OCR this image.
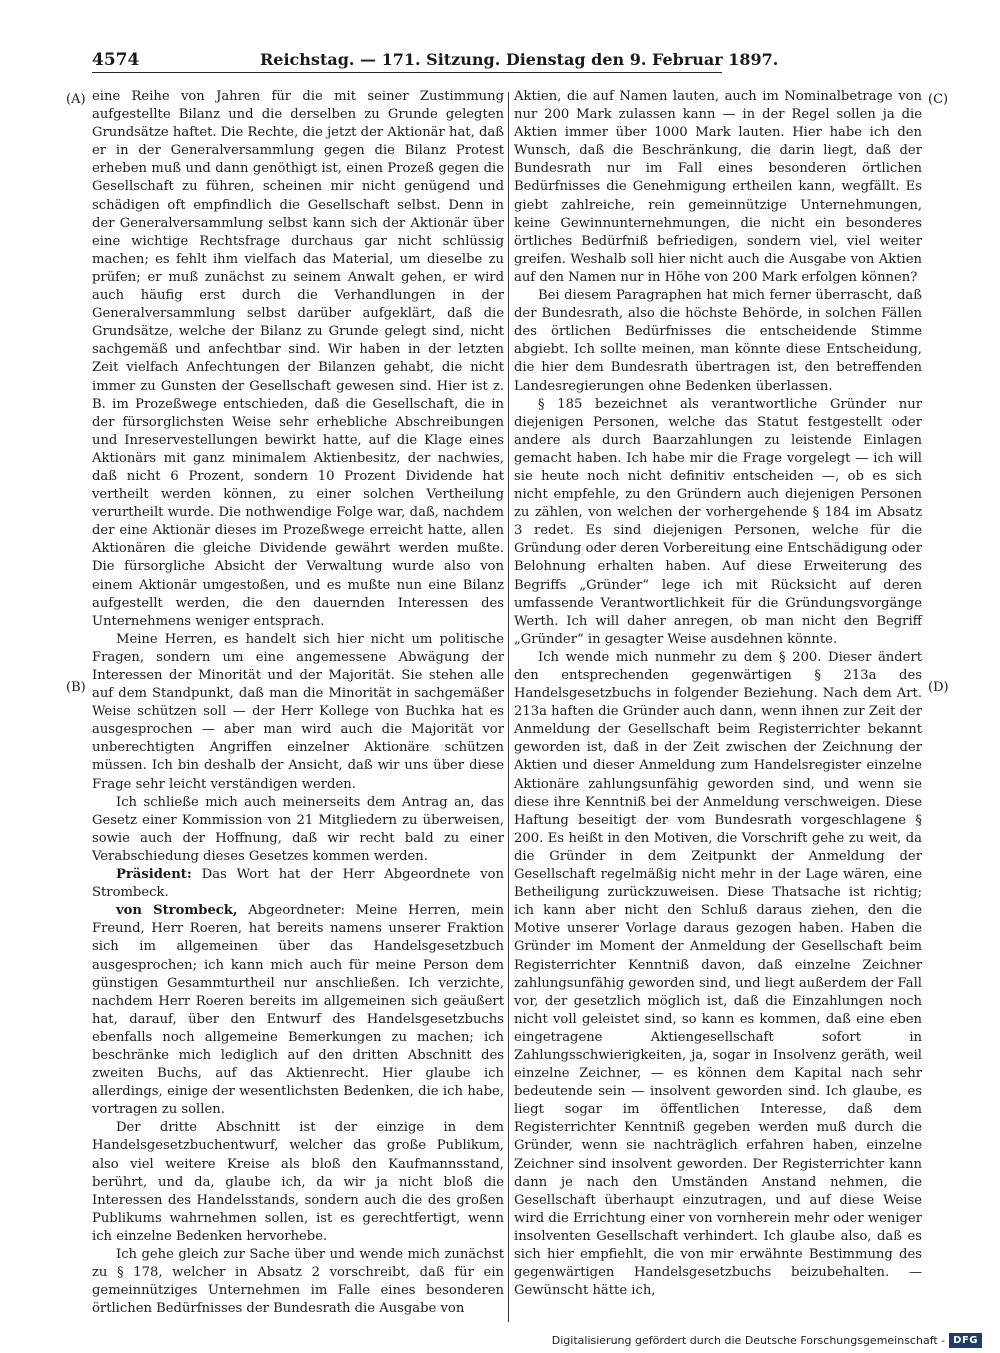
4574	Reichstag. — 171. Sitzung. Dienstag den 9. Februar 1897.
(A)
(B)
(C)
(D)

eine Reihe von Jahren für die mit seiner Zustimmung aufgestellte Bilanz und die derselben zu Grunde gelegten Grundsätze haftet. Die Rechte, die jetzt der Aktionär hat, daß er in der Generalversammlung gegen die Bilanz Protest erheben muß und dann genöthigt ist, einen Prozeß gegen die Gesellschaft zu führen, scheinen mir nicht genügend und schädigen oft empfindlich die Gesellschaft selbst. Denn in der Generalversammlung selbst kann sich der Aktionär über eine wichtige Rechtsfrage durchaus gar nicht schlüssig machen; es fehlt ihm vielfach das Material, um dieselbe zu prüfen; er muß zunächst zu seinem Anwalt gehen, er wird auch häufig erst durch die Verhandlungen in der Generalversammlung selbst darüber aufgeklärt, daß die Grundsätze, welche der Bilanz zu Grunde gelegt sind, nicht sachgemäß und anfechtbar sind. Wir haben in der letzten Zeit vielfach Anfechtungen der Bilanzen gehabt, die nicht immer zu Gunsten der Gesellschaft gewesen sind. Hier ist z. B. im Prozeßwege entschieden, daß die Gesellschaft, die in der fürsorglichsten Weise sehr erhebliche Abschreibungen und Inreservestellungen bewirkt hatte, auf die Klage eines Aktionärs mit ganz minimalem Aktienbesitz, der nachwies, daß nicht 6 Prozent, sondern 10 Prozent Dividende hat vertheilt werden können, zu einer solchen Vertheilung verurtheilt wurde. Die nothwendige Folge war, daß, nachdem der eine Aktionär dieses im Prozeßwege erreicht hatte, allen Aktionären die gleiche Dividende gewährt werden mußte. Die fürsorgliche Absicht der Verwaltung wurde also von einem Aktionär umgestoßen, und es mußte nun eine Bilanz aufgestellt werden, die den dauernden Interessen des Unternehmens weniger entsprach.

Meine Herren, es handelt sich hier nicht um politische Fragen, sondern um eine angemessene Abwägung der Interessen der Minorität und der Majorität. Sie stehen alle auf dem Standpunkt, daß man die Minorität in sachgemäßer Weise schützen soll — der Herr Kollege von Buchka hat es ausgesprochen — aber man wird auch die Majorität vor unberechtigten Angriffen einzelner Aktionäre schützen müssen. Ich bin deshalb der Ansicht, daß wir uns über diese Frage sehr leicht verständigen werden.

Ich schließe mich auch meinerseits dem Antrag an, das Gesetz einer Kommission von 21 Mitgliedern zu überweisen, sowie auch der Hoffnung, daß wir recht bald zu einer Verabschiedung dieses Gesetzes kommen werden.

Präsident: Das Wort hat der Herr Abgeordnete von Strombeck.

von Strombeck, Abgeordneter: Meine Herren, mein Freund, Herr Roeren, hat bereits namens unserer Fraktion sich im allgemeinen über das Handelsgesetzbuch ausgesprochen; ich kann mich auch für meine Person dem günstigen Gesammturtheil nur anschließen. Ich verzichte, nachdem Herr Roeren bereits im allgemeinen sich geäußert hat, darauf, über den Entwurf des Handelsgesetzbuchs ebenfalls noch allgemeine Bemerkungen zu machen; ich beschränke mich lediglich auf den dritten Abschnitt des zweiten Buchs, auf das Aktienrecht. Hier glaube ich allerdings, einige der wesentlichsten Bedenken, die ich habe, vortragen zu sollen.

Der dritte Abschnitt ist der einzige in dem Handelsgesetzbuchentwurf, welcher das große Publikum, also viel weitere Kreise als bloß den Kaufmannsstand, berührt, und da, glaube ich, da wir ja nicht bloß die Interessen des Handelsstands, sondern auch die des großen Publikums wahrnehmen sollen, ist es gerechtfertigt, wenn ich einzelne Bedenken hervorhebe.

Ich gehe gleich zur Sache über und wende mich zunächst zu § 178, welcher in Absatz 2 vorschreibt, daß für ein gemeinnütziges Unternehmen im Falle eines besonderen örtlichen Bedürfnisses der Bundesrath die Ausgabe von

Aktien, die auf Namen lauten, auch im Nominalbetrage von nur 200 Mark zulassen kann — in der Regel sollen ja die Aktien immer über 1000 Mark lauten. Hier habe ich den Wunsch, daß die Beschränkung, die darin liegt, daß der Bundesrath nur im Fall eines besonderen örtlichen Bedürfnisses die Genehmigung ertheilen kann, wegfällt. Es giebt zahlreiche, rein gemeinnützige Unternehmungen, keine Gewinnunternehmungen, die nicht ein besonderes örtliches Bedürfniß befriedigen, sondern viel, viel weiter greifen. Weshalb soll hier nicht auch die Ausgabe von Aktien auf den Namen nur in Höhe von 200 Mark erfolgen können?

Bei diesem Paragraphen hat mich ferner überrascht, daß der Bundesrath, also die höchste Behörde, in solchen Fällen des örtlichen Bedürfnisses die entscheidende Stimme abgiebt. Ich sollte meinen, man könnte diese Entscheidung, die hier dem Bundesrath übertragen ist, den betreffenden Landesregierungen ohne Bedenken überlassen.

§ 185 bezeichnet als verantwortliche Gründer nur diejenigen Personen, welche das Statut festgestellt oder andere als durch Baarzahlungen zu leistende Einlagen gemacht haben. Ich habe mir die Frage vorgelegt — ich will sie heute noch nicht definitiv entscheiden —, ob es sich nicht empfehle, zu den Gründern auch diejenigen Personen zu zählen, von welchen der vorhergehende § 184 im Absatz 3 redet. Es sind diejenigen Personen, welche für die Gründung oder deren Vorbereitung eine Entschädigung oder Belohnung erhalten haben. Auf diese Erweiterung des Begriffs „Gründer“ lege ich mit Rücksicht auf deren umfassende Verantwortlichkeit für die Gründungsvorgänge Werth. Ich will daher anregen, ob man nicht den Begriff „Gründer“ in gesagter Weise ausdehnen könnte.

Ich wende mich nunmehr zu dem § 200. Dieser ändert den entsprechenden gegenwärtigen § 213a des Handelsgesetzbuchs in folgender Beziehung. Nach dem Art. 213a haften die Gründer auch dann, wenn ihnen zur Zeit der Anmeldung der Gesellschaft beim Registerrichter bekannt geworden ist, daß in der Zeit zwischen der Zeichnung der Aktien und dieser Anmeldung zum Handelsregister einzelne Aktionäre zahlungsunfähig geworden sind, und wenn sie diese ihre Kenntniß bei der Anmeldung verschweigen. Diese Haftung beseitigt der vom Bundesrath vorgeschlagene § 200. Es heißt in den Motiven, die Vorschrift gehe zu weit, da die Gründer in dem Zeitpunkt der Anmeldung der Gesellschaft regelmäßig nicht mehr in der Lage wären, eine Betheiligung zurückzuweisen. Diese Thatsache ist richtig; ich kann aber nicht den Schluß daraus ziehen, den die Motive unserer Vorlage daraus gezogen haben. Haben die Gründer im Moment der Anmeldung der Gesellschaft beim Registerrichter Kenntniß davon, daß einzelne Zeichner zahlungsunfähig geworden sind, und liegt außerdem der Fall vor, der gesetzlich möglich ist, daß die Einzahlungen noch nicht voll geleistet sind, so kann es kommen, daß eine eben eingetragene Aktiengesellschaft sofort in Zahlungsschwierigkeiten, ja, sogar in Insolvenz geräth, weil einzelne Zeichner, — es können dem Kapital nach sehr bedeutende sein — insolvent geworden sind. Ich glaube, es liegt sogar im öffentlichen Interesse, daß dem Registerrichter Kenntniß gegeben werden muß durch die Gründer, wenn sie nachträglich erfahren haben, einzelne Zeichner sind insolvent geworden. Der Registerrichter kann dann je nach den Umständen Anstand nehmen, die Gesellschaft überhaupt einzutragen, und auf diese Weise wird die Errichtung einer von vornherein mehr oder weniger insolventen Gesellschaft verhindert. Ich glaube also, daß es sich hier empfiehlt, die von mir erwähnte Bestimmung des gegenwärtigen Handelsgesetzbuchs beizubehalten. — Gewünscht hätte ich,

Digitalisierung gefördert durch die Deutsche Forschungsgemeinschaft - DFG
